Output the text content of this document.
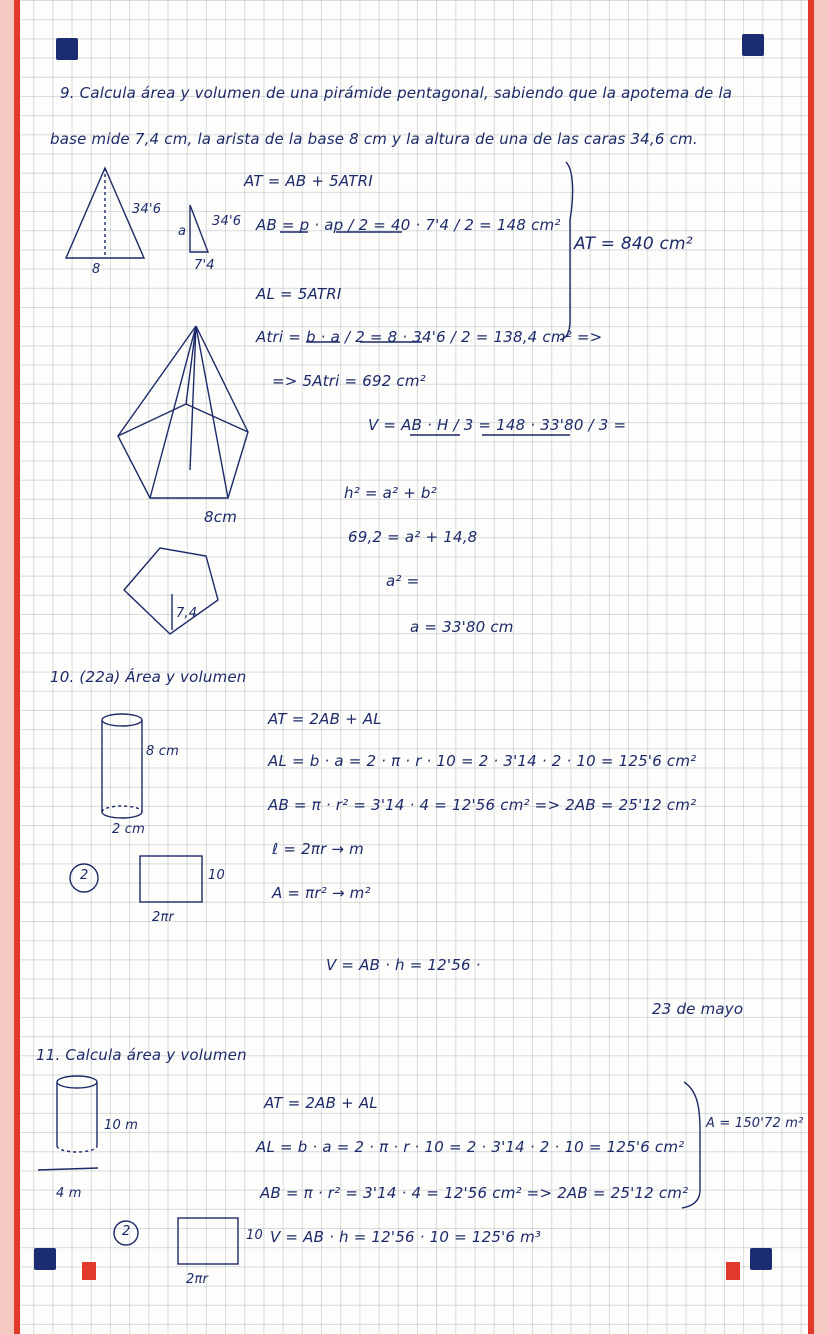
9. Calcula área y volumen de una pirámide pentagonal, sabiendo que la apotema de la
base mide 7,4 cm, la arista de la base 8 cm y la altura de una de las caras 34,6 cm.
34'6
8
a
34'6
7'4
AT = AB + 5ATRI
AB = p · ap / 2 = 40 · 7'4 / 2 = 148 cm²
AL = 5ATRI
Atri = b · a / 2 = 8 · 34'6 / 2 = 138,4 cm² =>
=> 5Atri = 692 cm²
AT = 840 cm²
V = AB · H / 3 = 148 · 33'80 / 3 =
h² = a² + b²
69,2 = a² + 14,8
a² =
a = 33'80 cm
8cm
7,4
10. (22a) Área y volumen
8 cm
2 cm
2	10
2πr
AT = 2AB + AL
AL = b · a = 2 · π · r · 10 = 2 · 3'14 · 2 · 10 = 125'6 cm²
AB = π · r² = 3'14 · 4 = 12'56 cm² => 2AB = 25'12 cm²
ℓ = 2πr → m
A = πr² → m²
V = AB · h = 12'56 ·
23 de mayo
11. Calcula área y volumen
10 m
4 m
2	10
2πr
AT = 2AB + AL
AL = b · a = 2 · π · r · 10 = 2 · 3'14 · 2 · 10 = 125'6 cm²
AB = π · r² = 3'14 · 4 = 12'56 cm² => 2AB = 25'12 cm²
V = AB · h = 12'56 · 10 = 125'6 m³
A = 150'72 m²
